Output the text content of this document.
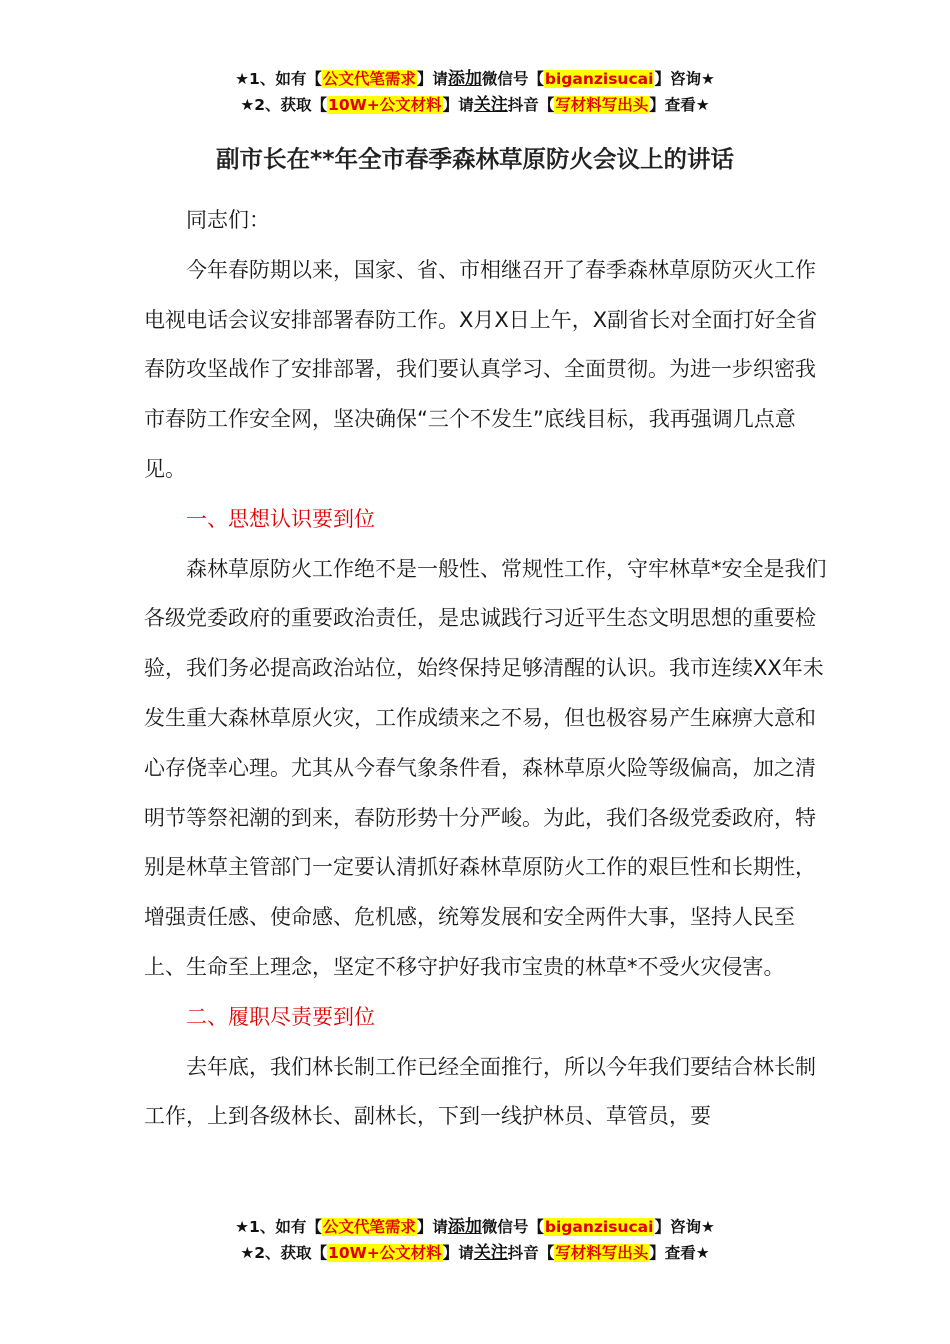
★1、如有【公文代笔需求】请添加微信号【biganzisucai】咨询★
★2、获取【10W+公文材料】请关注抖音【写材料写出头】查看★
副市长在**年全市春季森林草原防火会议上的讲话

同志们：

今年春防期以来，国家、省、市相继召开了春季森林草原防灭火工作电视电话会议安排部署春防工作。X月X日上午，X副省长对全面打好全省春防攻坚战作了安排部署，我们要认真学习、全面贯彻。为进一步织密我市春防工作安全网，坚决确保“三个不发生”底线目标，我再强调几点意见。

一、思想认识要到位

森林草原防火工作绝不是一般性、常规性工作，守牢林草*安全是我们各级党委政府的重要政治责任，是忠诚践行习近平生态文明思想的重要检验，我们务必提高政治站位，始终保持足够清醒的认识。我市连续XX年未发生重大森林草原火灾，工作成绩来之不易，但也极容易产生麻痹大意和心存侥幸心理。尤其从今春气象条件看，森林草原火险等级偏高，加之清明节等祭祀潮的到来，春防形势十分严峻。为此，我们各级党委政府，特别是林草主管部门一定要认清抓好森林草原防火工作的艰巨性和长期性，增强责任感、使命感、危机感，统筹发展和安全两件大事，坚持人民至上、生命至上理念，坚定不移守护好我市宝贵的林草*不受火灾侵害。

二、履职尽责要到位

去年底，我们林长制工作已经全面推行，所以今年我们要结合林长制工作，上到各级林长、副林长，下到一线护林员、草管员，要

★1、如有【公文代笔需求】请添加微信号【biganzisucai】咨询★
★2、获取【10W+公文材料】请关注抖音【写材料写出头】查看★
